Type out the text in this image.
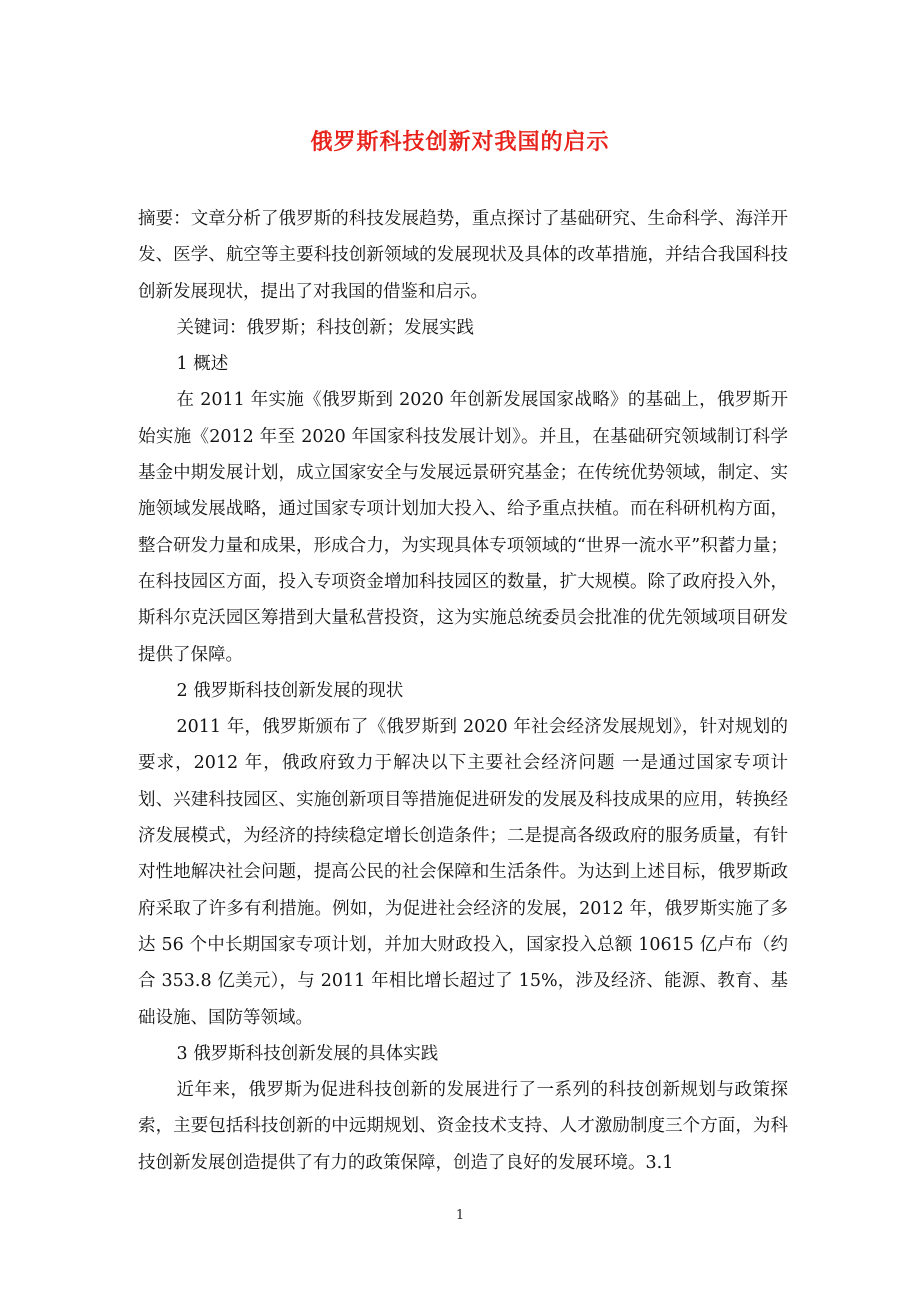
俄罗斯科技创新对我国的启示

摘要：文章分析了俄罗斯的科技发展趋势，重点探讨了基础研究、生命科学、海洋开发、医学、航空等主要科技创新领域的发展现状及具体的改革措施，并结合我国科技创新发展现状，提出了对我国的借鉴和启示。

关键词：俄罗斯；科技创新；发展实践

1 概述

在 2011 年实施《俄罗斯到 2020 年创新发展国家战略》的基础上，俄罗斯开始实施《2012 年至 2020 年国家科技发展计划》。并且，在基础研究领域制订科学基金中期发展计划，成立国家安全与发展远景研究基金；在传统优势领域，制定、实施领域发展战略，通过国家专项计划加大投入、给予重点扶植。而在科研机构方面，整合研发力量和成果，形成合力，为实现具体专项领域的“世界一流水平”积蓄力量；在科技园区方面，投入专项资金增加科技园区的数量，扩大规模。除了政府投入外，斯科尔克沃园区筹措到大量私营投资，这为实施总统委员会批准的优先领域项目研发提供了保障。

2 俄罗斯科技创新发展的现状

2011 年，俄罗斯颁布了《俄罗斯到 2020 年社会经济发展规划》，针对规划的要求，2012 年，俄政府致力于解决以下主要社会经济问题 一是通过国家专项计划、兴建科技园区、实施创新项目等措施促进研发的发展及科技成果的应用，转换经济发展模式，为经济的持续稳定增长创造条件；二是提高各级政府的服务质量，有针对性地解决社会问题，提高公民的社会保障和生活条件。为达到上述目标，俄罗斯政府采取了许多有利措施。例如，为促进社会经济的发展，2012 年，俄罗斯实施了多达 56 个中长期国家专项计划，并加大财政投入，国家投入总额 10615 亿卢布（约合 353.8 亿美元），与 2011 年相比增长超过了 15%，涉及经济、能源、教育、基础设施、国防等领域。

3 俄罗斯科技创新发展的具体实践

近年来，俄罗斯为促进科技创新的发展进行了一系列的科技创新规划与政策探索，主要包括科技创新的中远期规划、资金技术支持、人才激励制度三个方面，为科技创新发展创造提供了有力的政策保障，创造了良好的发展环境。3.1

1
